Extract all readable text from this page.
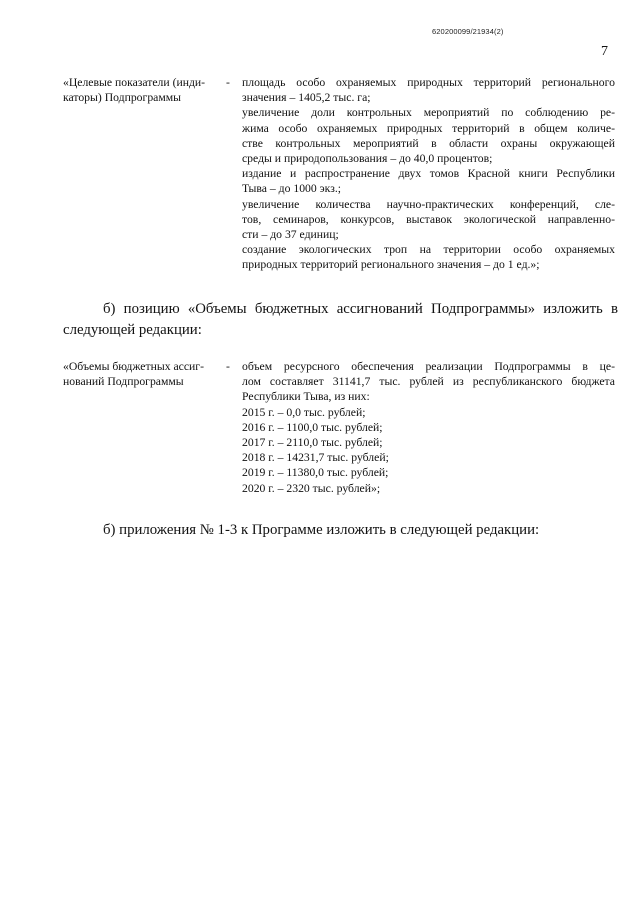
620200099/21934(2)
7
«Целевые показатели (инди-
каторы) Подпрограммы
-	площадь особо охраняемых природных территорий регионального
значения – 1405,2 тыс. га;
увеличение доли контрольных мероприятий по соблюдению ре-
жима особо охраняемых природных территорий в общем количе-
стве контрольных мероприятий в области охраны окружающей
среды и природопользования – до 40,0 процентов;
издание и распространение двух томов Красной книги Республики
Тыва – до 1000 экз.;
увеличение количества научно-практических конференций, сле-
тов, семинаров, конкурсов, выставок экологической направленно-
сти – до 37 единиц;
создание экологических троп на территории особо охраняемых
природных территорий регионального значения – до 1 ед.»;
б) позицию «Объемы бюджетных ассигнований Подпрограммы» изложить в следующей редакции:
«Объемы бюджетных ассиг-
нований Подпрограммы
-	объем ресурсного обеспечения реализации Подпрограммы в це-
лом составляет 31141,7 тыс. рублей из республиканского бюджета
Республики Тыва, из них:
2015 г. – 0,0 тыс. рублей;
2016 г. – 1100,0 тыс. рублей;
2017 г. – 2110,0 тыс. рублей;
2018 г. – 14231,7 тыс. рублей;
2019 г. – 11380,0 тыс. рублей;
2020 г. – 2320 тыс. рублей»;
б) приложения № 1-3 к Программе изложить в следующей редакции:
